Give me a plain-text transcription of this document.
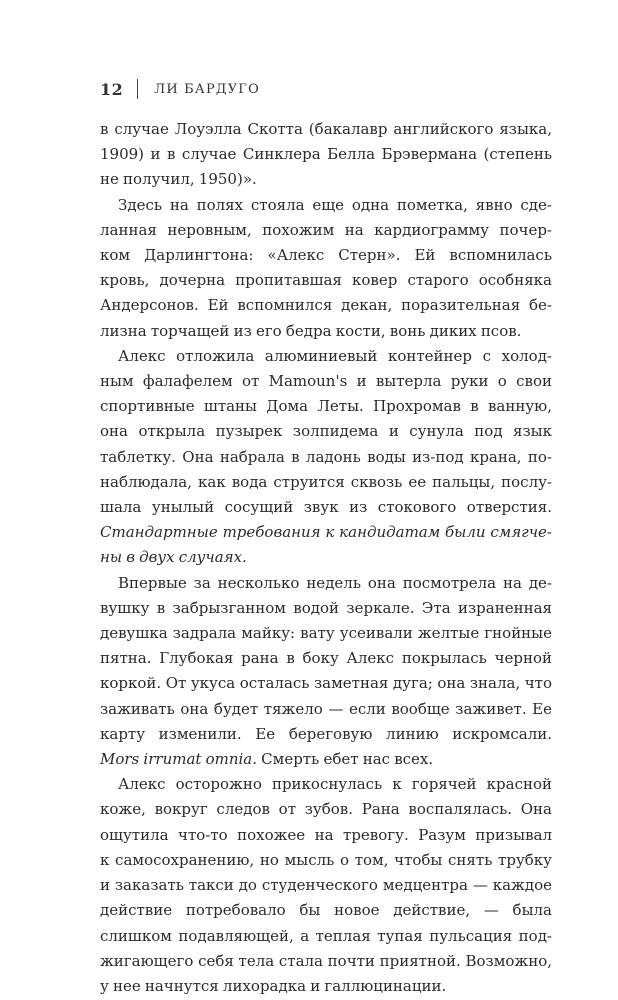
12 ЛИ БАРДУГО

в случае Лоуэлла Скотта (бакалавр английского языка,
1909) и в случае Синклера Белла Брэвермана (степень
не получил, 1950)».

Здесь на полях стояла еще одна пометка, явно сде-
ланная неровным, похожим на кардиограмму почер-
ком Дарлингтона: «Алекс Стерн». Ей вспомнилась
кровь, дочерна пропитавшая ковер старого особняка
Андерсонов. Ей вспомнился декан, поразительная бе-
лизна торчащей из его бедра кости, вонь диких псов.

Алекс отложила алюминиевый контейнер с холод-
ным фалафелем от Mamoun's и вытерла руки о свои
спортивные штаны Дома Леты. Прохромав в ванную,
она открыла пузырек золпидема и сунула под язык
таблетку. Она набрала в ладонь воды из-под крана, по-
наблюдала, как вода струится сквозь ее пальцы, послу-
шала унылый сосущий звук из стокового отверстия.
Стандартные требования к кандидатам были смягче-
ны в двух случаях.

Впервые за несколько недель она посмотрела на де-
вушку в забрызганном водой зеркале. Эта израненная
девушка задрала майку: вату усеивали желтые гнойные
пятна. Глубокая рана в боку Алекс покрылась черной
коркой. От укуса осталась заметная дуга; она знала, что
заживать она будет тяжело — если вообще заживет. Ее
карту изменили. Ее береговую линию искромсали.
Mors irrumat omnia. Смерть ебет нас всех.

Алекс осторожно прикоснулась к горячей красной
коже, вокруг следов от зубов. Рана воспалялась. Она
ощутила что-то похожее на тревогу. Разум призывал
к самосохранению, но мысль о том, чтобы снять трубку
и заказать такси до студенческого медцентра — каждое
действие потребовало бы новое действие, — была
слишком подавляющей, а теплая тупая пульсация под-
жигающего себя тела стала почти приятной. Возможно,
у нее начнутся лихорадка и галлюцинации.
